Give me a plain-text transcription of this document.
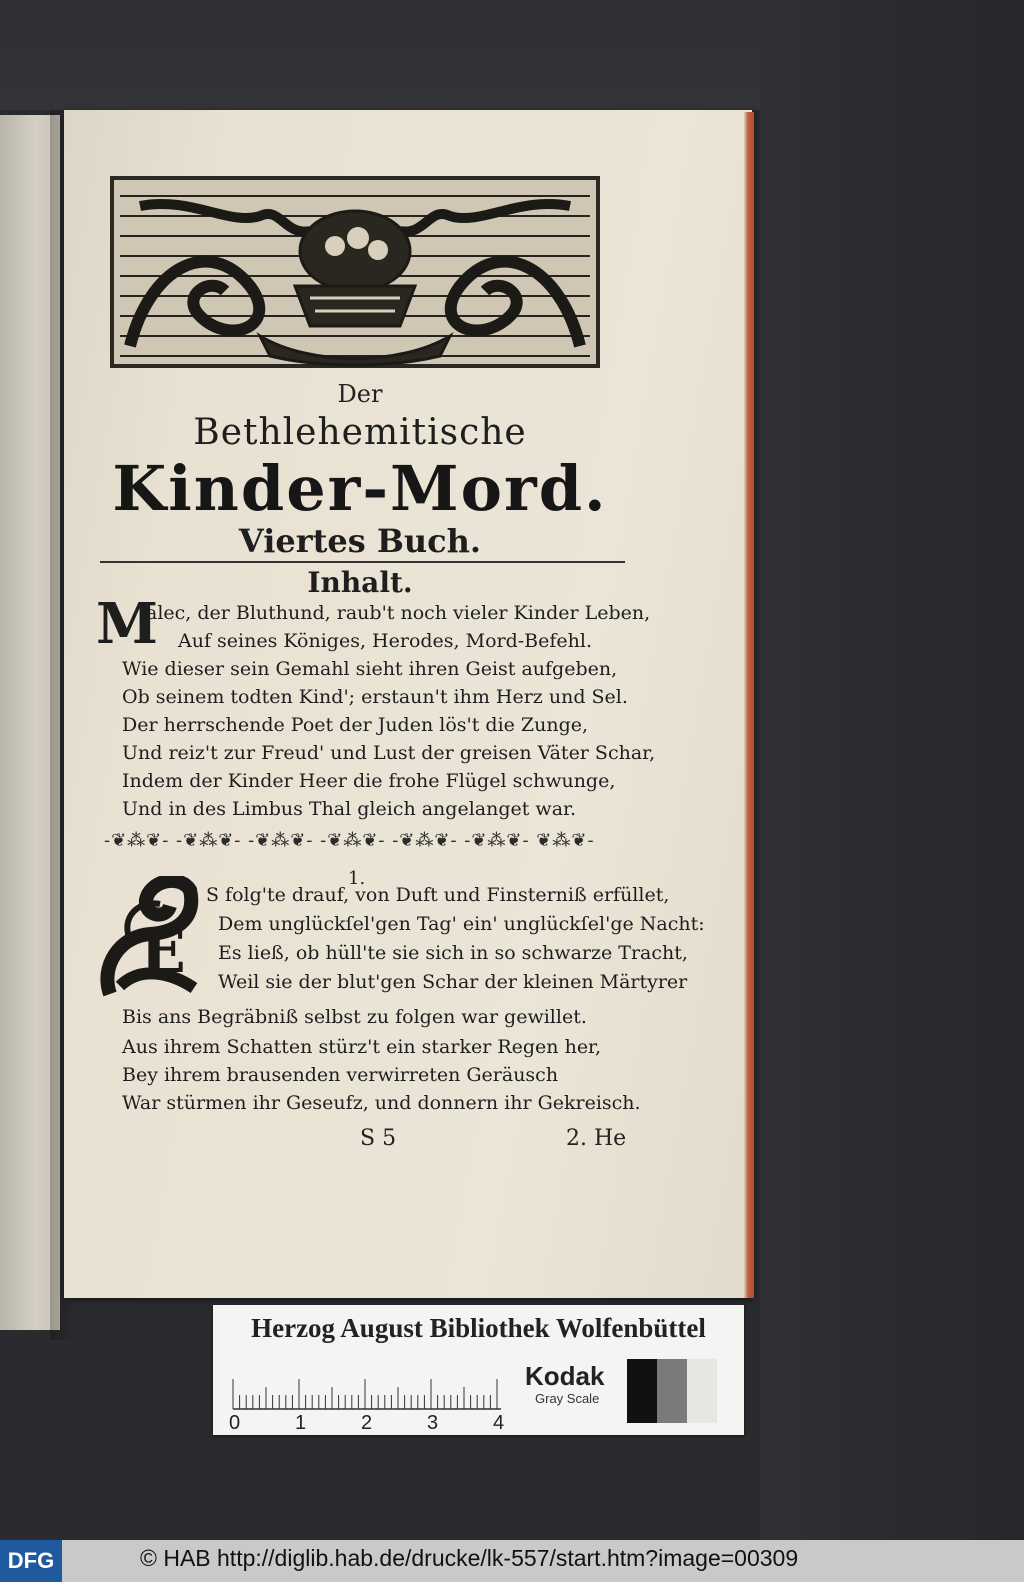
Der
Bethlehemitische
Kinder-Mord.
Viertes Buch.
Inhalt.
M
alec, der Bluthund, raub't noch vieler Kinder Leben,
Auf seines Königes, Herodes, Mord-Befehl.
Wie dieser sein Gemahl sieht ihren Geist aufgeben,
Ob seinem todten Kind'; erstaun't ihm Herz und Sel.
Der herrschende Poet der Juden lös't die Zunge,
Und reiz't zur Freud' und Lust der greisen Väter Schar,
Indem der Kinder Heer die frohe Flügel schwunge,
Und in des Limbus Thal gleich angelanget war.
-❦⁂❦- -❦⁂❦- -❦⁂❦- -❦⁂❦- -❦⁂❦- -❦⁂❦- ❦⁂❦-
1.
E
S folg'te drauf, von Duft und Finsterniß erfüllet,
Dem unglückſel'gen Tag' ein' unglückſel'ge Nacht:
Es ließ, ob hüll'te sie sich in so schwarze Tracht,
Weil sie der blut'gen Schar der kleinen Märtyrer
Bis ans Begräbniß selbst zu folgen war gewillet.
Aus ihrem Schatten stürz't ein starker Regen her,
Bey ihrem brausenden verwirreten Geräusch
War stürmen ihr Geseufz, und donnern ihr Gekreisch.
S 5	2. He
Herzog August Bibliothek Wolfenbüttel
0	1	2	3	4
Kodak
Gray Scale
DFG	© HAB http://diglib.hab.de/drucke/lk-557/start.htm?image=00309
